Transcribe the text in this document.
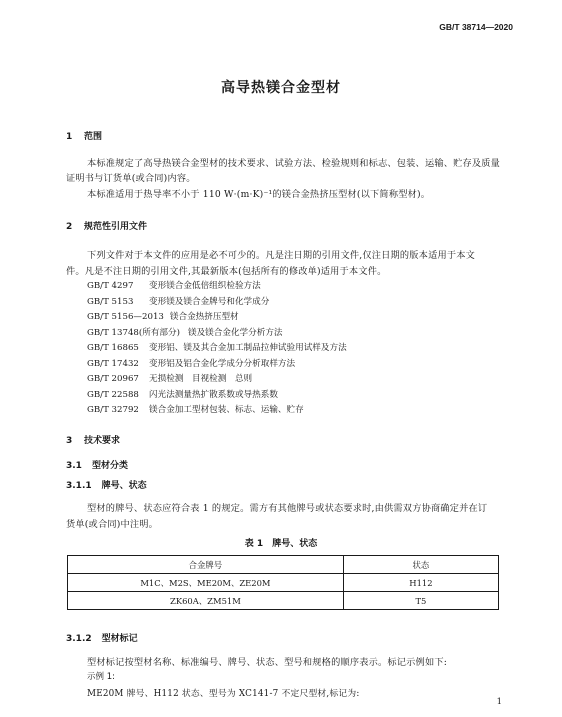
GB/T 38714—2020
高导热镁合金型材
1 范围
本标准规定了高导热镁合金型材的技术要求、试验方法、检验规则和标志、包装、运输、贮存及质量
证明书与订货单(或合同)内容。
本标准适用于热导率不小于 110 W·(m·K)⁻¹的镁合金热挤压型材(以下简称型材)。
2 规范性引用文件
下列文件对于本文件的应用是必不可少的。凡是注日期的引用文件,仅注日期的版本适用于本文
件。凡是不注日期的引用文件,其最新版本(包括所有的修改单)适用于本文件。
GB/T 4297 变形镁合金低倍组织检验方法
GB/T 5153 变形镁及镁合金牌号和化学成分
GB/T 5156—2013 镁合金热挤压型材
GB/T 13748(所有部分) 镁及镁合金化学分析方法
GB/T 16865 变形铝、镁及其合金加工制品拉伸试验用试样及方法
GB/T 17432 变形铝及铝合金化学成分分析取样方法
GB/T 20967 无损检测　目视检测　总则
GB/T 22588 闪光法测量热扩散系数或导热系数
GB/T 32792 镁合金加工型材包装、标志、运输、贮存
3 技术要求
3.1 型材分类
3.1.1 牌号、状态
型材的牌号、状态应符合表 1 的规定。需方有其他牌号或状态要求时,由供需双方协商确定并在订
货单(或合同)中注明。
表 1　牌号、状态
合金牌号	状态
M1C、M2S、ME20M、ZE20M	H112
ZK60A、ZM51M	T5
3.1.2 型材标记
型材标记按型材名称、标准编号、牌号、状态、型号和规格的顺序表示。标记示例如下:
示例 1:
ME20M 牌号、H112 状态、型号为 XC141-7 不定尺型材,标记为:
1
